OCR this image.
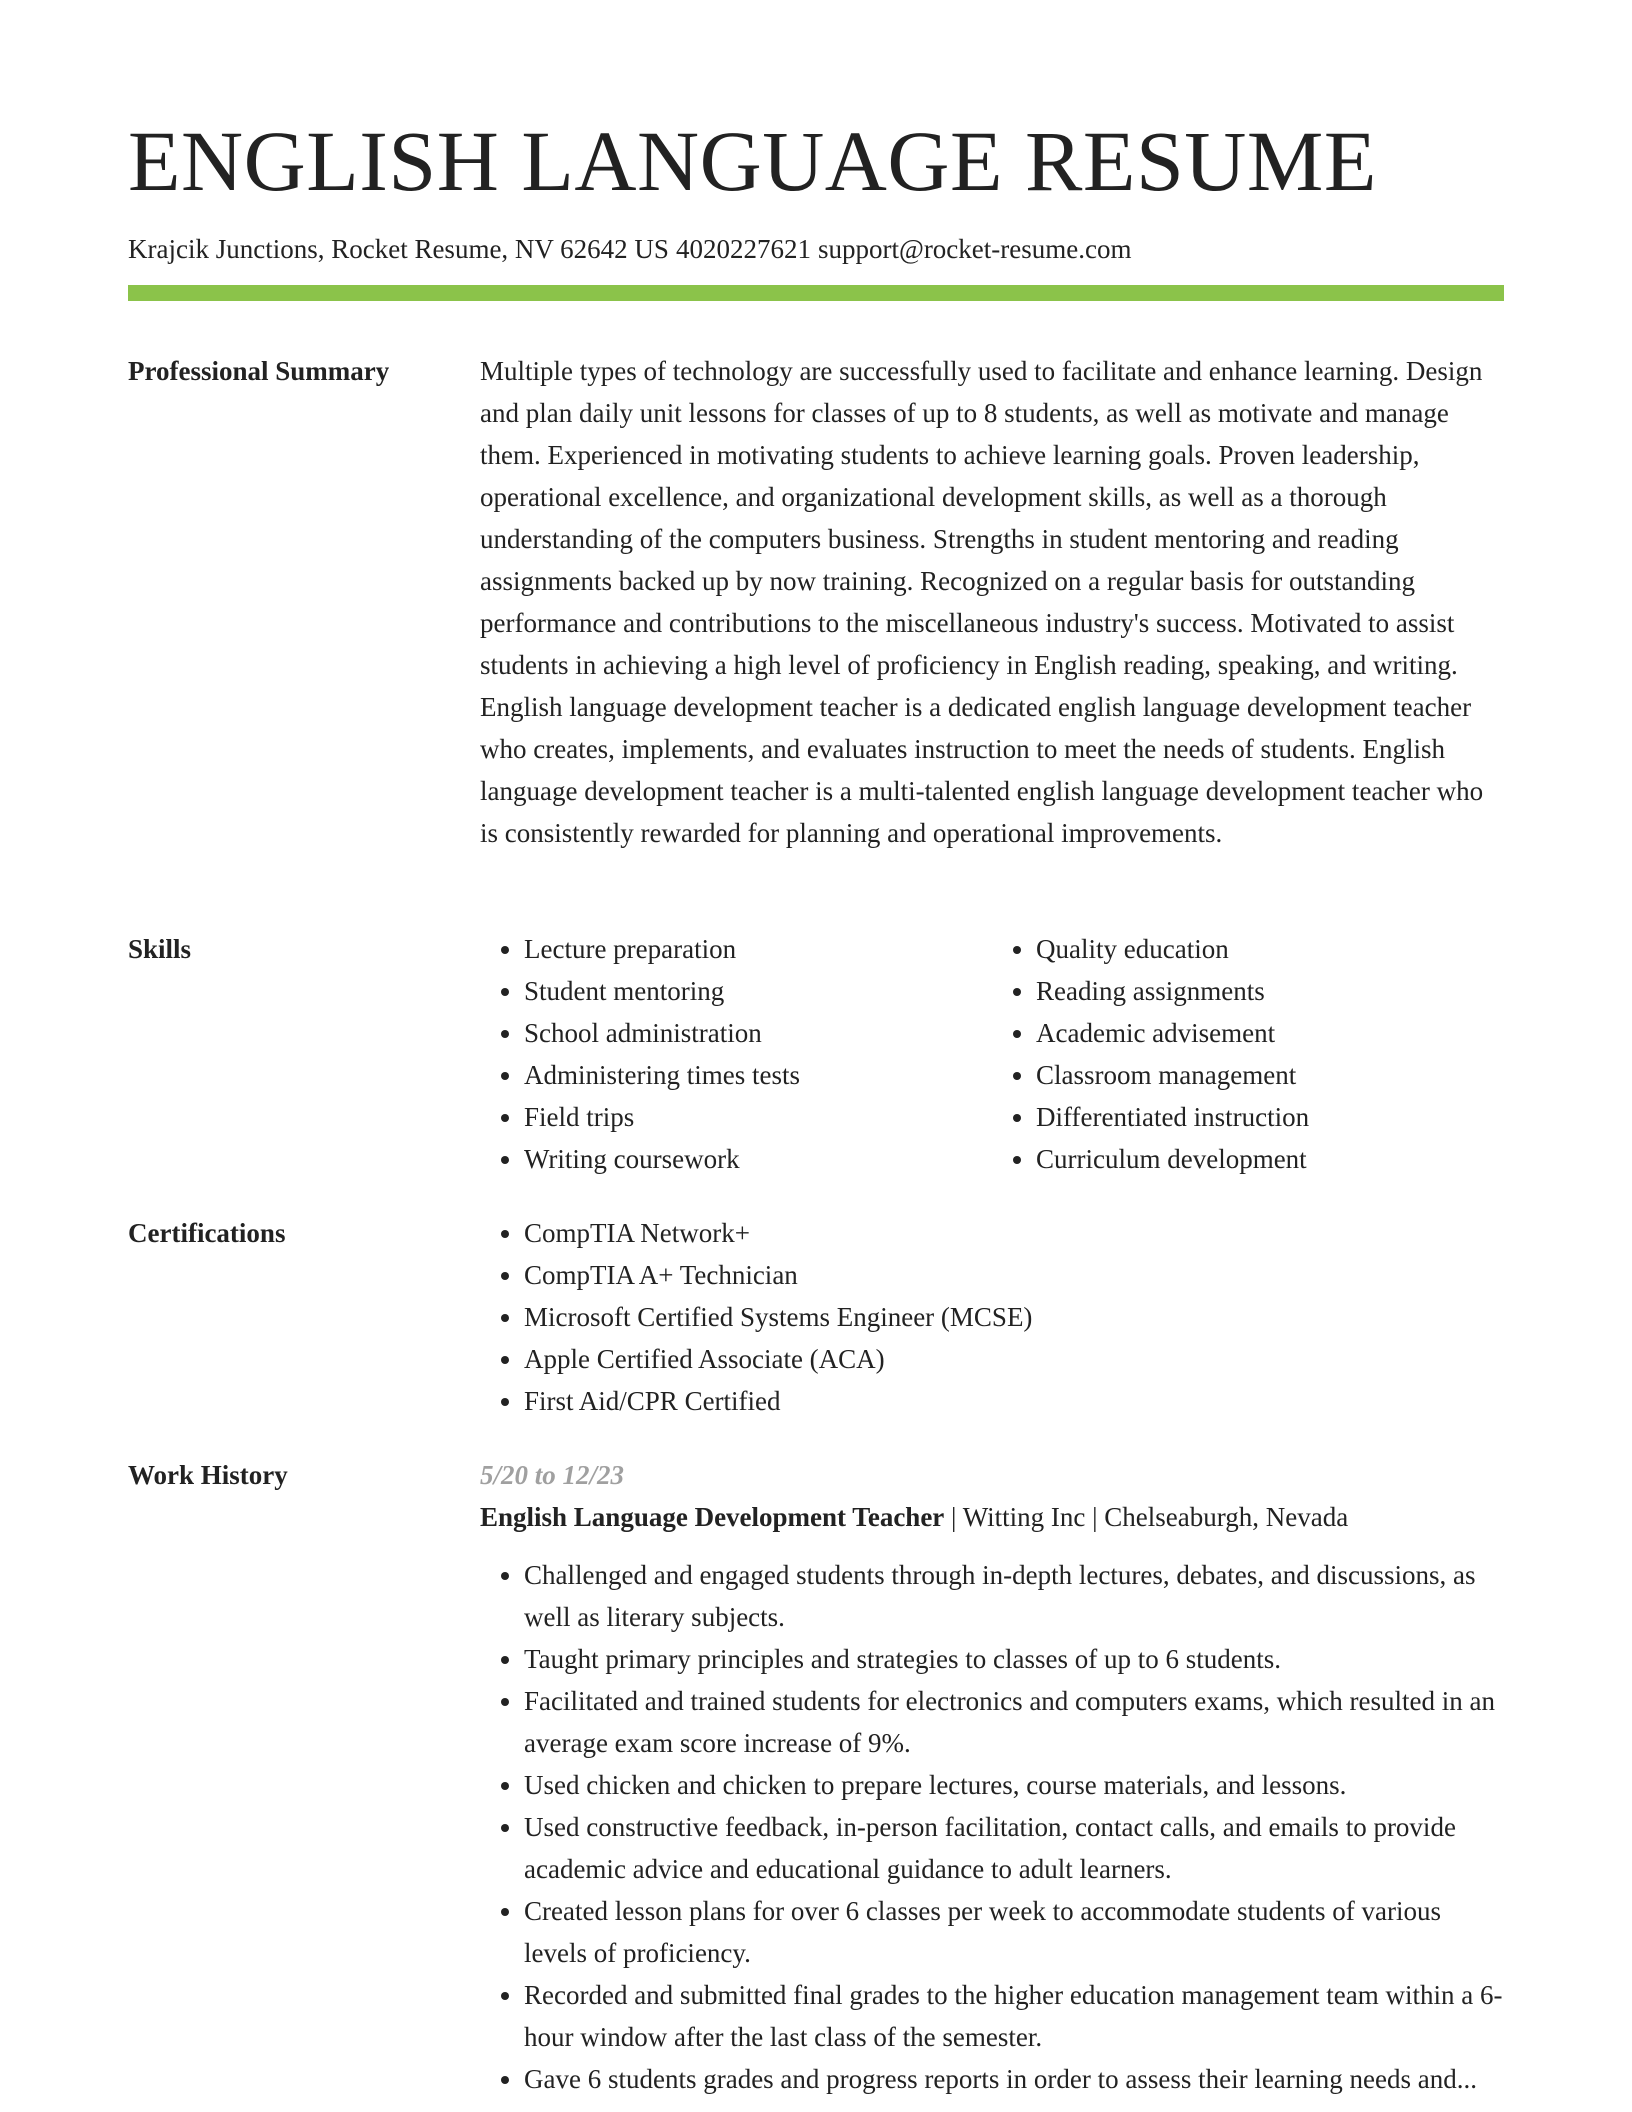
ENGLISH LANGUAGE RESUME
Krajcik Junctions, Rocket Resume, NV 62642 US 4020227621 support@rocket-resume.com
Professional Summary	Multiple types of technology are successfully used to facilitate and enhance learning. Design and plan daily unit lessons for classes of up to 8 students, as well as motivate and manage them. Experienced in motivating students to achieve learning goals. Proven leadership, operational excellence, and organizational development skills, as well as a thorough understanding of the computers business. Strengths in student mentoring and reading assignments backed up by now training. Recognized on a regular basis for outstanding performance and contributions to the miscellaneous industry's success. Motivated to assist students in achieving a high level of proficiency in English reading, speaking, and writing. English language development teacher is a dedicated english language development teacher who creates, implements, and evaluates instruction to meet the needs of students. English language development teacher is a multi-talented english language development teacher who is consistently rewarded for planning and operational improvements.

Skills	• Lecture preparation
• Student mentoring
• School administration
• Administering times tests
• Field trips
• Writing coursework
• Quality education
• Reading assignments
• Academic advisement
• Classroom management
• Differentiated instruction
• Curriculum development
Certifications	• CompTIA Network+
• CompTIA A+ Technician
• Microsoft Certified Systems Engineer (MCSE)
• Apple Certified Associate (ACA)
• First Aid/CPR Certified
Work History	5/20 to 12/23
English Language Development Teacher | Witting Inc | Chelseaburgh, Nevada
• Challenged and engaged students through in-depth lectures, debates, and discussions, as well as literary subjects.
• Taught primary principles and strategies to classes of up to 6 students.
• Facilitated and trained students for electronics and computers exams, which resulted in an average exam score increase of 9%.
• Used chicken and chicken to prepare lectures, course materials, and lessons.
• Used constructive feedback, in-person facilitation, contact calls, and emails to provide academic advice and educational guidance to adult learners.
• Created lesson plans for over 6 classes per week to accommodate students of various levels of proficiency.
• Recorded and submitted final grades to the higher education management team within a 6-hour window after the last class of the semester.
• Gave 6 students grades and progress reports in order to assess their learning needs and...
